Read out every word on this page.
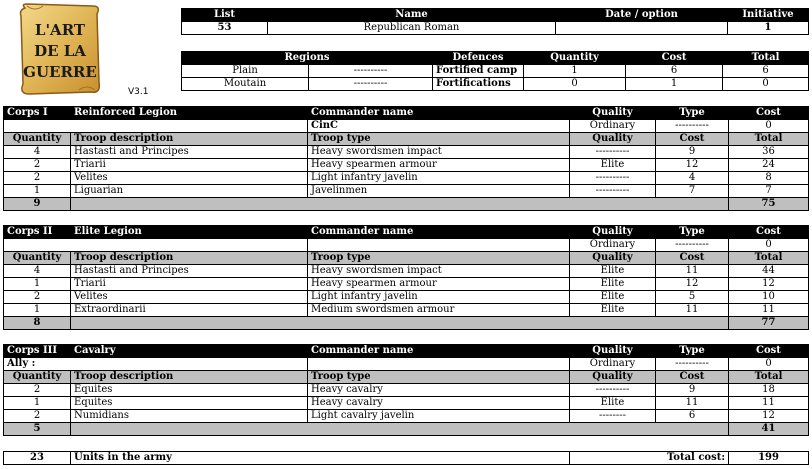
L'ART
DE LA
GUERRE
V3.1
List	Name	Date / option	Initiative
53	Republican Roman		1
Regions		Defences	Quantity	Cost	Total
Plain	----------	Fortified camp	1	6	6
Moutain	----------	Fortifications	0	1	0
Corps I	Reinforced Legion	Commander name	Quality	Type	Cost
		CinC	Ordinary	----------	0
Quantity	Troop description	Troop type	Quality	Cost	Total
4	Hastasti and Principes	Heavy swordsmen impact	----------	9	36
2	Triarii	Heavy spearmen armour	Elite	12	24
2	Velites	Light infantry javelin	----------	4	8
1	Liguarian	Javelinmen	----------	7	7
9					75
Corps II	Elite Legion	Commander name	Quality	Type	Cost
			Ordinary	----------	0
Quantity	Troop description	Troop type	Quality	Cost	Total
4	Hastasti and Principes	Heavy swordsmen impact	Elite	11	44
1	Triarii	Heavy spearmen armour	Elite	12	12
2	Velites	Light infantry javelin	Elite	5	10
1	Extraordinarii	Medium swordsmen armour	Elite	11	11
8					77
Corps III	Cavalry	Commander name	Quality	Type	Cost
Ally :			Ordinary	----------	0
Quantity	Troop description	Troop type	Quality	Cost	Total
2	Equites	Heavy cavalry	----------	9	18
1	Equites	Heavy cavalry	Elite	11	11
2	Numidians	Light cavalry javelin	--------	6	12
5					41
23	Units in the army	Total cost:	199
